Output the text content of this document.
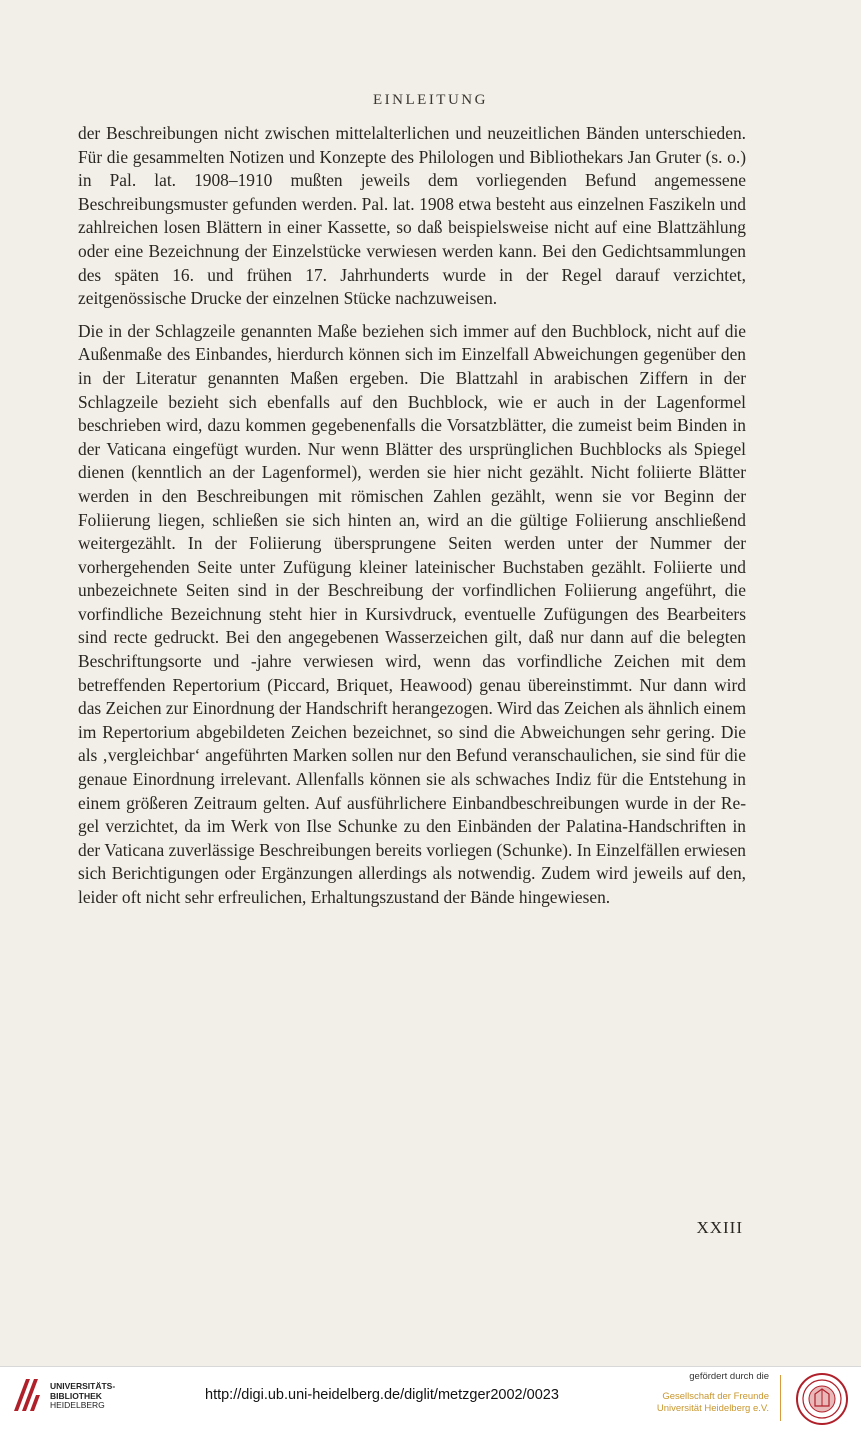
EINLEITUNG

der Beschreibungen nicht zwischen mittelalterlichen und neuzeitlichen Bänden unterschieden. Für die gesammelten Notizen und Konzepte des Philologen und Bibliothekars Jan Gruter (s. o.) in Pal. lat. 1908–1910 mußten jeweils dem vorliegenden Befund angemessene Beschreibungsmuster gefunden werden. Pal. lat. 1908 etwa besteht aus einzelnen Faszikeln und zahlreichen losen Blättern in einer Kassette, so daß beispielsweise nicht auf eine Blattzählung oder eine Bezeichnung der Einzelstücke verwiesen werden kann. Bei den Gedichtsammlungen des späten 16. und frühen 17. Jahrhunderts wurde in der Regel darauf verzichtet, zeitgenössische Drucke der einzelnen Stücke nachzuweisen.

Die in der Schlagzeile genannten Maße beziehen sich immer auf den Buchblock, nicht auf die Außenmaße des Einbandes, hierdurch können sich im Einzelfall Abweichungen gegenüber den in der Literatur genannten Maßen ergeben. Die Blattzahl in arabischen Ziffern in der Schlagzeile bezieht sich ebenfalls auf den Buchblock, wie er auch in der Lagenformel beschrieben wird, dazu kommen gegebenenfalls die Vorsatzblätter, die zumeist beim Binden in der Vaticana eingefügt wurden. Nur wenn Blätter des ursprünglichen Buchblocks als Spiegel dienen (kenntlich an der Lagenformel), werden sie hier nicht gezählt. Nicht foliierte Blätter werden in den Beschreibungen mit römischen Zahlen gezählt, wenn sie vor Beginn der Foliierung liegen, schließen sie sich hinten an, wird an die gültige Foliierung anschließend weitergezählt. In der Foliierung übersprungene Seiten werden unter der Nummer der vorhergehenden Seite unter Zufügung kleiner lateinischer Buchstaben gezählt. Foliierte und unbezeichnete Seiten sind in der Beschreibung der vorfindlichen Foliierung angeführt, die vorfindliche Bezeichnung steht hier in Kursivdruck, eventuelle Zufügungen des Bearbeiters sind recte gedruckt. Bei den angegebenen Wasserzeichen gilt, daß nur dann auf die belegten Beschriftungsorte und -jahre verwiesen wird, wenn das vorfindliche Zeichen mit dem betreffenden Repertorium (Piccard, Briquet, Heawood) genau übereinstimmt. Nur dann wird das Zeichen zur Einordnung der Handschrift herangezogen. Wird das Zeichen als ähnlich einem im Repertorium abgebildeten Zeichen bezeichnet, so sind die Abweichungen sehr gering. Die als ‚vergleichbar‘ angeführten Marken sollen nur den Befund veranschaulichen, sie sind für die genaue Einordnung irrelevant. Allenfalls können sie als schwaches Indiz für die Entstehung in einem größeren Zeitraum gelten. Auf ausführlichere Einbandbeschreibungen wurde in der Regel verzichtet, da im Werk von Ilse Schunke zu den Einbänden der Palatina-Handschriften in der Vaticana zuverlässige Beschreibungen bereits vorliegen (Schunke). In Einzelfällen erwiesen sich Berichtigungen oder Ergänzungen allerdings als notwendig. Zudem wird jeweils auf den, leider oft nicht sehr erfreulichen, Erhaltungszustand der Bände hingewiesen.

XXIII
UNIVERSITÄTS-
BIBLIOTHEK
HEIDELBERG
http://digi.ub.uni-heidelberg.de/diglit/metzger2002/0023
gefördert durch die
Gesellschaft der Freunde
Universität Heidelberg e.V.
